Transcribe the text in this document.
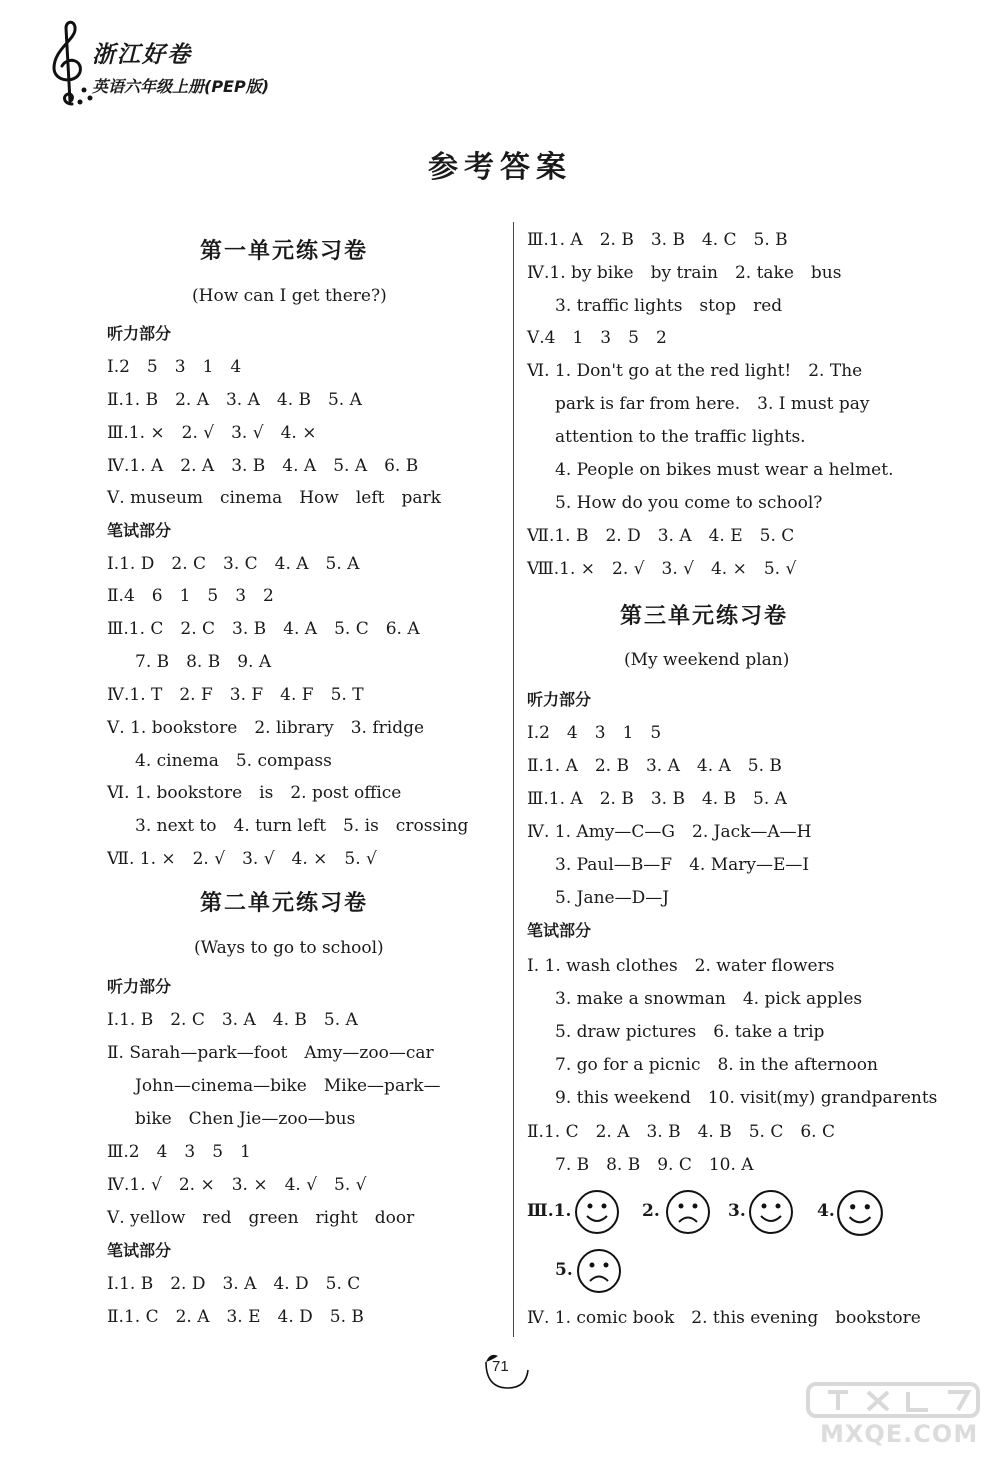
浙江好卷
英语六年级上册(PEP版)
参考答案
第一单元练习卷
(How can I get there?)
听力部分
Ⅰ.2　5　3　1　4
Ⅱ.1. B　2. A　3. A　4. B　5. A
Ⅲ.1. ×　2. √　3. √　4. ×
Ⅳ.1. A　2. A　3. B　4. A　5. A　6. B
Ⅴ. museum　cinema　How　left　park
笔试部分
Ⅰ.1. D　2. C　3. C　4. A　5. A
Ⅱ.4　6　1　5　3　2
Ⅲ.1. C　2. C　3. B　4. A　5. C　6. A
7. B　8. B　9. A
Ⅳ.1. T　2. F　3. F　4. F　5. T
Ⅴ. 1. bookstore　2. library　3. fridge
4. cinema　5. compass
Ⅵ. 1. bookstore　is　2. post office
3. next to　4. turn left　5. is　crossing
Ⅶ. 1. ×　2. √　3. √　4. ×　5. √
第二单元练习卷
(Ways to go to school)
听力部分
Ⅰ.1. B　2. C　3. A　4. B　5. A
Ⅱ. Sarah—park—foot　Amy—zoo—car
John—cinema—bike　Mike—park—
bike　Chen Jie—zoo—bus
Ⅲ.2　4　3　5　1
Ⅳ.1. √　2. ×　3. ×　4. √　5. √
Ⅴ. yellow　red　green　right　door
笔试部分
Ⅰ.1. B　2. D　3. A　4. D　5. C
Ⅱ.1. C　2. A　3. E　4. D　5. B
Ⅲ.1. A　2. B　3. B　4. C　5. B
Ⅳ.1. by bike　by train　2. take　bus
3. traffic lights　stop　red
Ⅴ.4　1　3　5　2
Ⅵ. 1. Don't go at the red light!　2. The
park is far from here.　3. I must pay
attention to the traffic lights.
4. People on bikes must wear a helmet.
5. How do you come to school?
Ⅶ.1. B　2. D　3. A　4. E　5. C
Ⅷ.1. ×　2. √　3. √　4. ×　5. √
第三单元练习卷
(My weekend plan)
听力部分
Ⅰ.2　4　3　1　5
Ⅱ.1. A　2. B　3. A　4. A　5. B
Ⅲ.1. A　2. B　3. B　4. B　5. A
Ⅳ. 1. Amy—C—G　2. Jack—A—H
3. Paul—B—F　4. Mary—E—I
5. Jane—D—J
笔试部分
Ⅰ. 1. wash clothes　2. water flowers
3. make a snowman　4. pick apples
5. draw pictures　6. take a trip
7. go for a picnic　8. in the afternoon
9. this weekend　10. visit(my) grandparents
Ⅱ.1. C　2. A　3. B　4. B　5. C　6. C
7. B　8. B　9. C　10. A
Ⅲ.1.	2.	3.	4.
5.
Ⅳ. 1. comic book　2. this evening　bookstore
71
MXQE.COM
